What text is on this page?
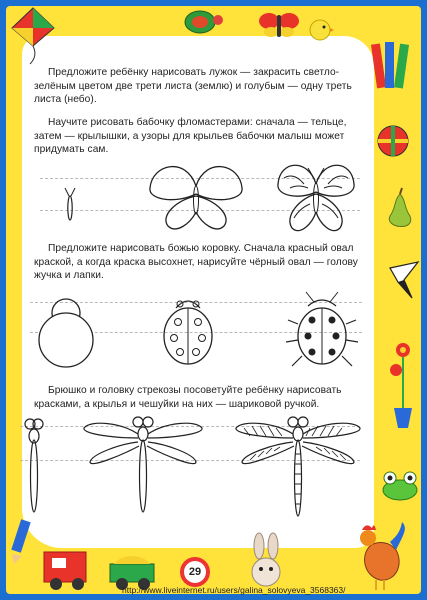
Предложите ребёнку нарисовать лужок — закрасить светло-зелёным цветом две трети листа (землю) и голубым — одну треть листа (небо).
Научите рисовать бабочку фломастерами: сначала — тельце, затем — крылышки, а узоры для крыльев бабочки малыш может придумать сам.
Предложите нарисовать божью коровку. Сначала красный овал краской, а когда краска высохнет, нарисуйте чёрный овал — голову жучка и лапки.
Брюшко и головку стрекозы посоветуйте ребёнку нарисовать красками, а крылья и чешуйки на них — шариковой ручкой.
29
http://www.liveinternet.ru/users/galina_solovyeva_3568363/
